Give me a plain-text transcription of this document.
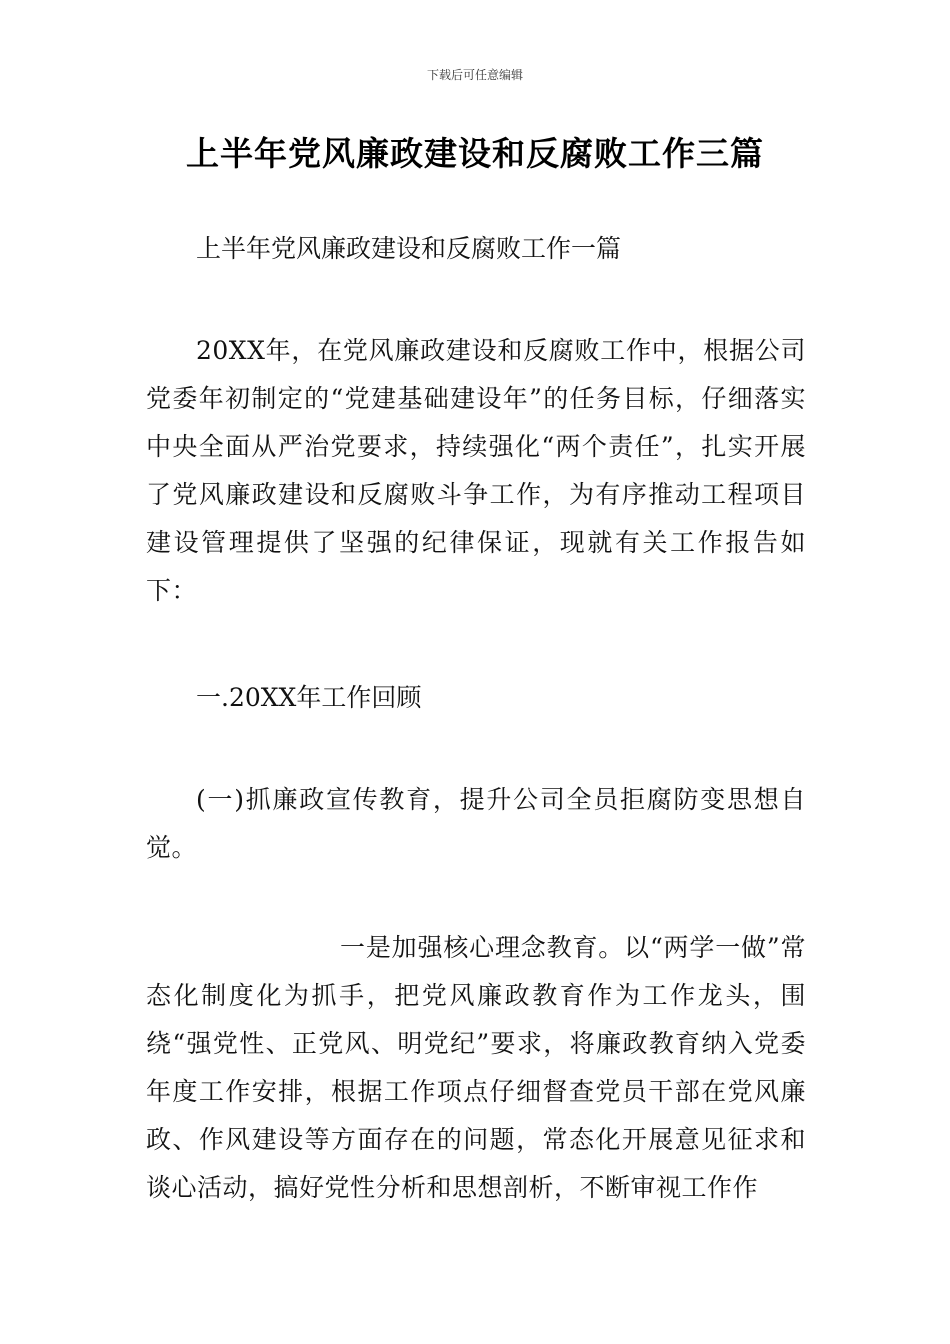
下载后可任意编辑
上半年党风廉政建设和反腐败工作三篇

上半年党风廉政建设和反腐败工作一篇

20XX年，在党风廉政建设和反腐败工作中，根据公司党委年初制定的“党建基础建设年”的任务目标，仔细落实中央全面从严治党要求，持续强化“两个责任”，扎实开展了党风廉政建设和反腐败斗争工作，为有序推动工程项目建设管理提供了坚强的纪律保证，现就有关工作报告如下：

一.20XX年工作回顾

(一)抓廉政宣传教育，提升公司全员拒腐防变思想自觉。

一是加强核心理念教育。以“两学一做”常态化制度化为抓手，把党风廉政教育作为工作龙头，围绕“强党性、正党风、明党纪”要求，将廉政教育纳入党委年度工作安排，根据工作项点仔细督查党员干部在党风廉政、作风建设等方面存在的问题，常态化开展意见征求和谈心活动，搞好党性分析和思想剖析，不断审视工作作
